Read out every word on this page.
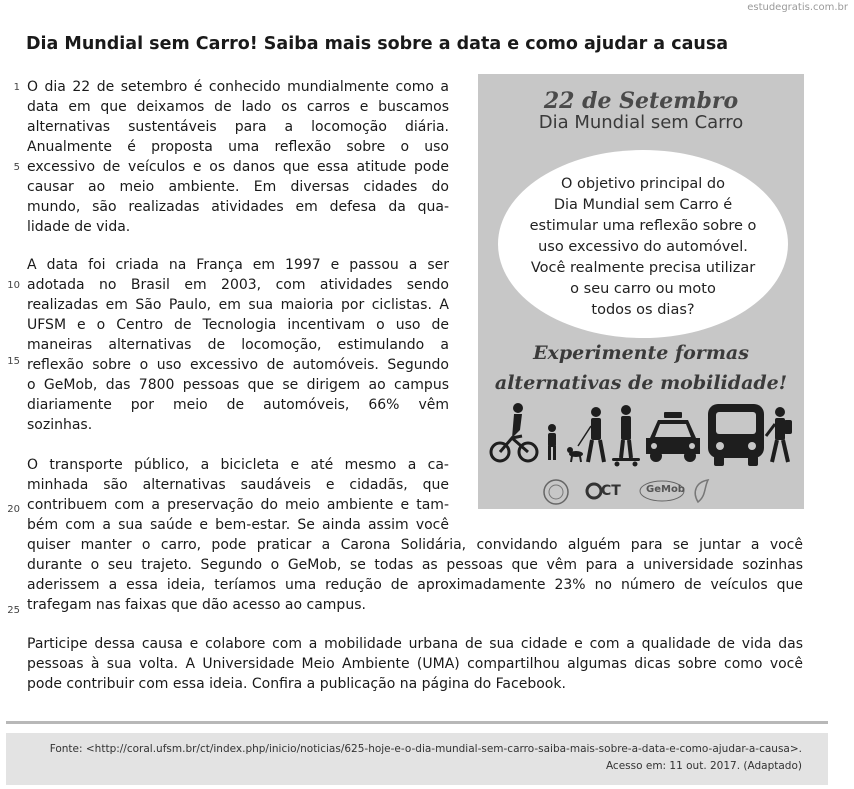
estudegratis.com.br
Dia Mundial sem Carro! Saiba mais sobre a data e como ajudar a causa
1
5
10
15
20
25
O dia 22 de setembro é conhecido mundialmente como a
data em que deixamos de lado os carros e buscamos
alternativas sustentáveis para a locomoção diária.
Anualmente é proposta uma reflexão sobre o uso
excessivo de veículos e os danos que essa atitude pode
causar ao meio ambiente. Em diversas cidades do
mundo, são realizadas atividades em defesa da qua-
lidade de vida.
A data foi criada na França em 1997 e passou a ser
adotada no Brasil em 2003, com atividades sendo
realizadas em São Paulo, em sua maioria por ciclistas. A
UFSM e o Centro de Tecnologia incentivam o uso de
maneiras alternativas de locomoção, estimulando a
reflexão sobre o uso excessivo de automóveis. Segundo
o GeMob, das 7800 pessoas que se dirigem ao campus
diariamente por meio de automóveis, 66% vêm
sozinhas.
O transporte público, a bicicleta e até mesmo a ca-
minhada são alternativas saudáveis e cidadãs, que
contribuem com a preservação do meio ambiente e tam-
bém com a sua saúde e bem-estar. Se ainda assim você
quiser manter o carro, pode praticar a Carona Solidária, convidando alguém para se juntar a você
durante o seu trajeto. Segundo o GeMob, se todas as pessoas que vêm para a universidade sozinhas
aderissem a essa ideia, teríamos uma redução de aproximadamente 23% no número de veículos que
trafegam nas faixas que dão acesso ao campus.
Participe dessa causa e colabore com a mobilidade urbana de sua cidade e com a qualidade de vida das
pessoas à sua volta. A Universidade Meio Ambiente (UMA) compartilhou algumas dicas sobre como você
pode contribuir com essa ideia. Confira a publicação na página do Facebook.
22 de Setembro
Dia Mundial sem Carro
O objetivo principal do
Dia Mundial sem Carro é
estimular uma reflexão sobre o
uso excessivo do automóvel.
Você realmente precisa utilizar
o seu carro ou moto
todos os dias?
Experimente formas
alternativas de mobilidade!
CT	GeMob
Fonte: <http://coral.ufsm.br/ct/index.php/inicio/noticias/625-hoje-e-o-dia-mundial-sem-carro-saiba-mais-sobre-a-data-e-como-ajudar-a-causa>.
Acesso em: 11 out. 2017. (Adaptado)
